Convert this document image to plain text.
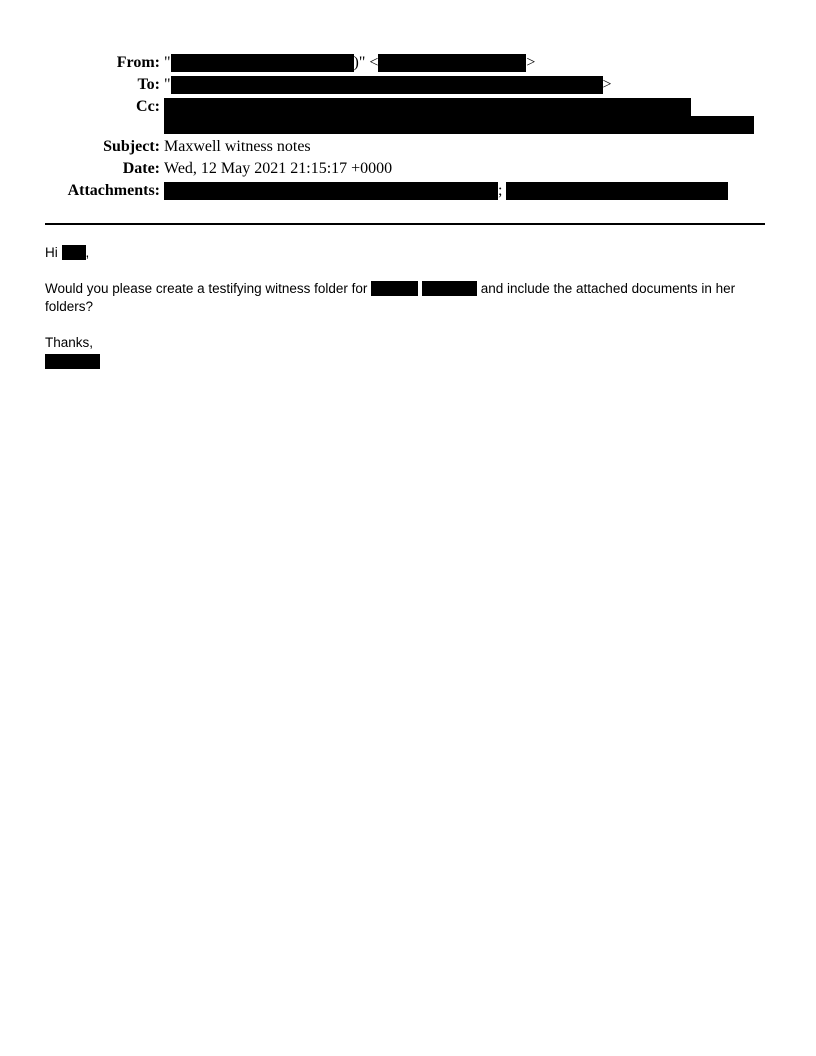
From: "	)" <	>
To: "	>
Cc:
Subject: Maxwell witness notes
Date: Wed, 12 May 2021 21:15:17 +0000
Attachments:	;
Hi ,
Would you please create a testifying witness folder for	and include the attached documents in her folders?
Thanks,
